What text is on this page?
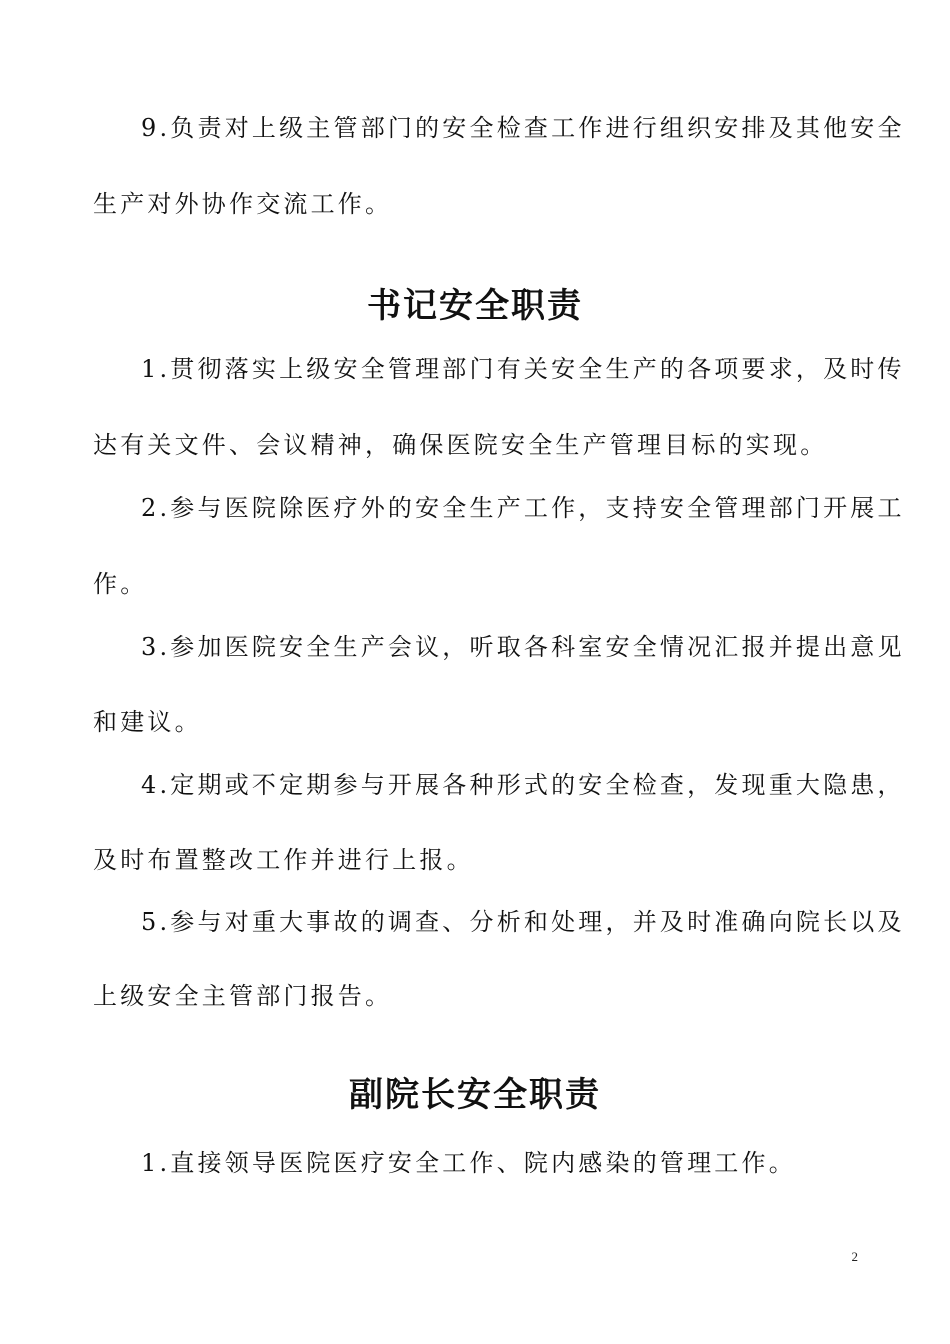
9.负责对上级主管部门的安全检查工作进行组织安排及其他安全
生产对外协作交流工作。
书记安全职责
1.贯彻落实上级安全管理部门有关安全生产的各项要求，及时传
达有关文件、会议精神，确保医院安全生产管理目标的实现。
2.参与医院除医疗外的安全生产工作，支持安全管理部门开展工
作。
3.参加医院安全生产会议，听取各科室安全情况汇报并提出意见
和建议。
4.定期或不定期参与开展各种形式的安全检查，发现重大隐患，
及时布置整改工作并进行上报。
5.参与对重大事故的调查、分析和处理，并及时准确向院长以及
上级安全主管部门报告。
副院长安全职责
1.直接领导医院医疗安全工作、院内感染的管理工作。
2
